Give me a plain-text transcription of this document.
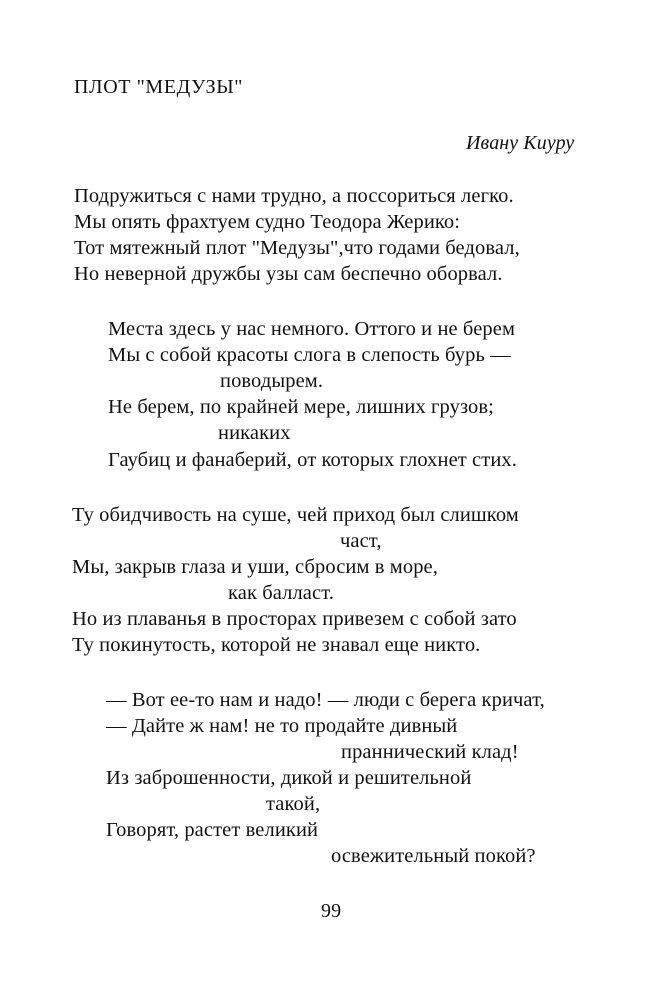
ПЛОТ "МЕДУЗЫ"
Ивану Киуру
Подружиться с нами трудно, а поссориться легко.
Мы опять фрахтуем судно Теодора Жерико:
Тот мятежный плот "Медузы",что годами бедовал,
Но неверной дружбы узы сам беспечно оборвал.
Места здесь у нас немного. Оттого и не берем
Мы с собой красоты слога в слепость бурь —
поводырем.
Не берем, по крайней мере, лишних грузов;
никаких
Гаубиц и фанаберий, от которых глохнет стих.
Ту обидчивость на суше, чей приход был слишком
част,
Мы, закрыв глаза и уши, сбросим в море,
как балласт.
Но из плаванья в просторах привезем с собой зато
Ту покинутость, которой не знавал еще никто.
— Вот ее-то нам и надо! — люди с берега кричат,
— Дайте ж нам! не то продайте дивный
праннический клад!
Из заброшенности, дикой и решительной
такой,
Говорят, растет великий
освежительный покой?
99
